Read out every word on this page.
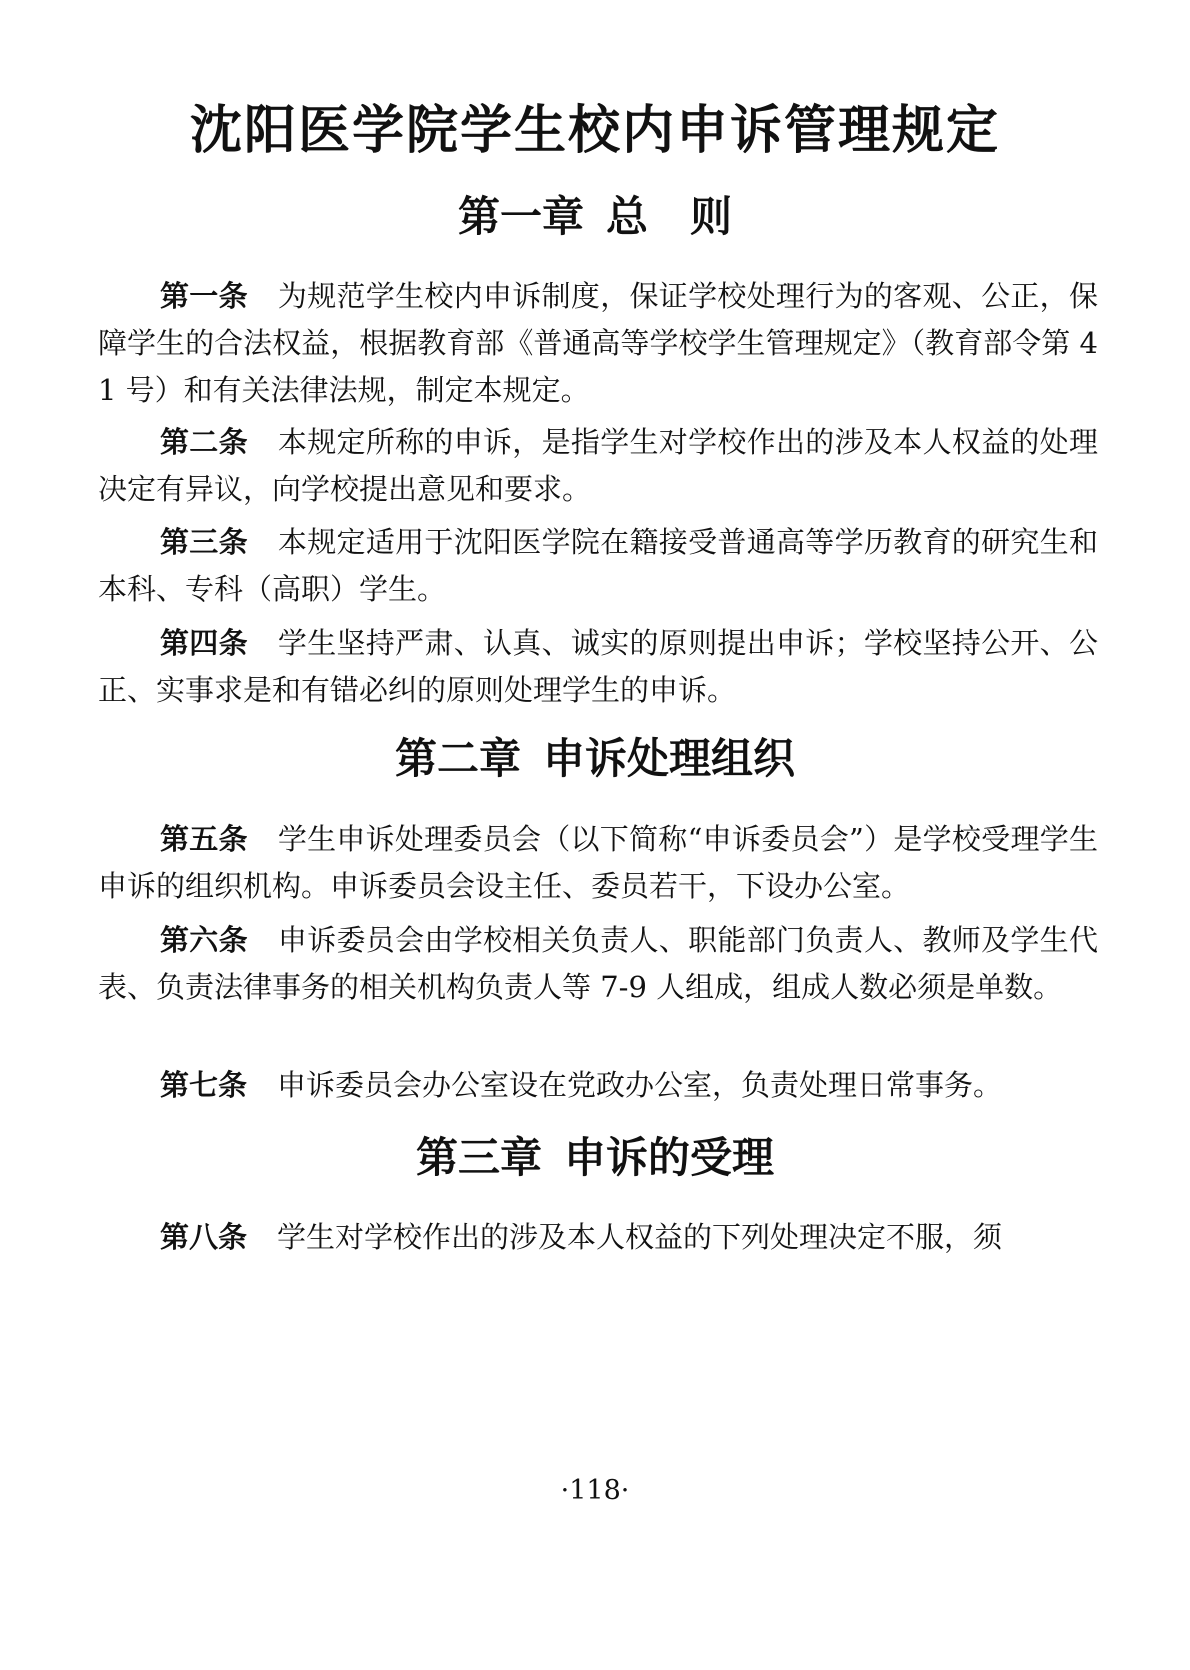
沈阳医学院学生校内申诉管理规定
第一章 总　则

第一条 为规范学生校内申诉制度，保证学校处理行为的客观、公正，保障学生的合法权益，根据教育部《普通高等学校学生管理规定》（教育部令第 41 号）和有关法律法规，制定本规定。

第二条 本规定所称的申诉，是指学生对学校作出的涉及本人权益的处理决定有异议，向学校提出意见和要求。

第三条 本规定适用于沈阳医学院在籍接受普通高等学历教育的研究生和本科、专科（高职）学生。

第四条 学生坚持严肃、认真、诚实的原则提出申诉；学校坚持公开、公正、实事求是和有错必纠的原则处理学生的申诉。

第二章 申诉处理组织

第五条 学生申诉处理委员会（以下简称“申诉委员会”）是学校受理学生申诉的组织机构。申诉委员会设主任、委员若干，下设办公室。

第六条 申诉委员会由学校相关负责人、职能部门负责人、教师及学生代表、负责法律事务的相关机构负责人等 7-9 人组成，组成人数必须是单数。

第七条 申诉委员会办公室设在党政办公室，负责处理日常事务。

第三章 申诉的受理

第八条 学生对学校作出的涉及本人权益的下列处理决定不服，须

·118·
